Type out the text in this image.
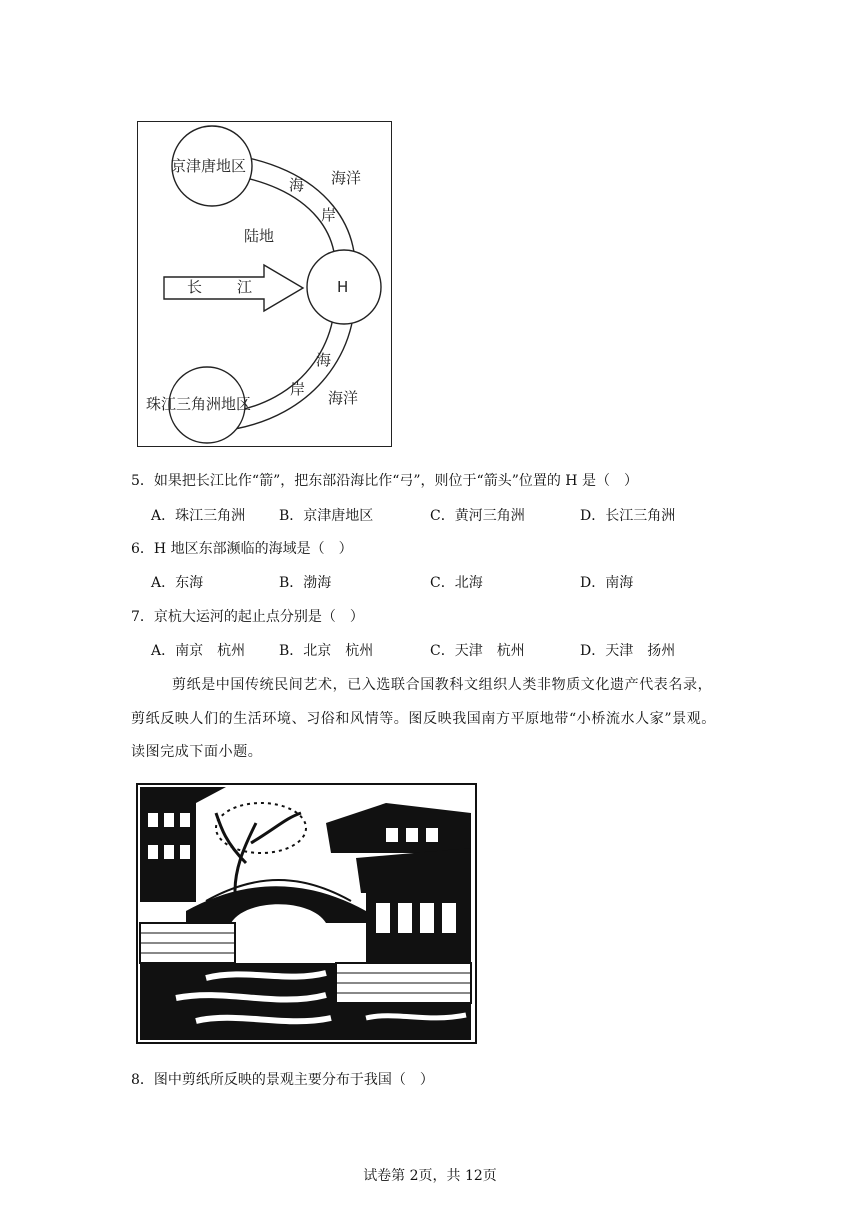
京津唐地区
珠江三角洲地区
H
陆地
长 江
海洋
海洋
海
岸
海
岸
5．如果把长江比作“箭”，把东部沿海比作“弓”，则位于“箭头”位置的 H 是（　）
A．珠江三角洲 B．京津唐地区	C．黄河三角洲	D．长江三角洲
6．H 地区东部濒临的海域是（　）
A．东海	B．渤海	C．北海	D．南海
7．京杭大运河的起止点分别是（　）
A．南京　杭州 B．北京　杭州	C．天津　杭州	D．天津　扬州
剪纸是中国传统民间艺术，已入选联合国教科文组织人类非物质文化遗产代表名录，
剪纸反映人们的生活环境、习俗和风情等。图反映我国南方平原地带“小桥流水人家”景观。
读图完成下面小题。
8．图中剪纸所反映的景观主要分布于我国（　）
试卷第 2页，共 12页
